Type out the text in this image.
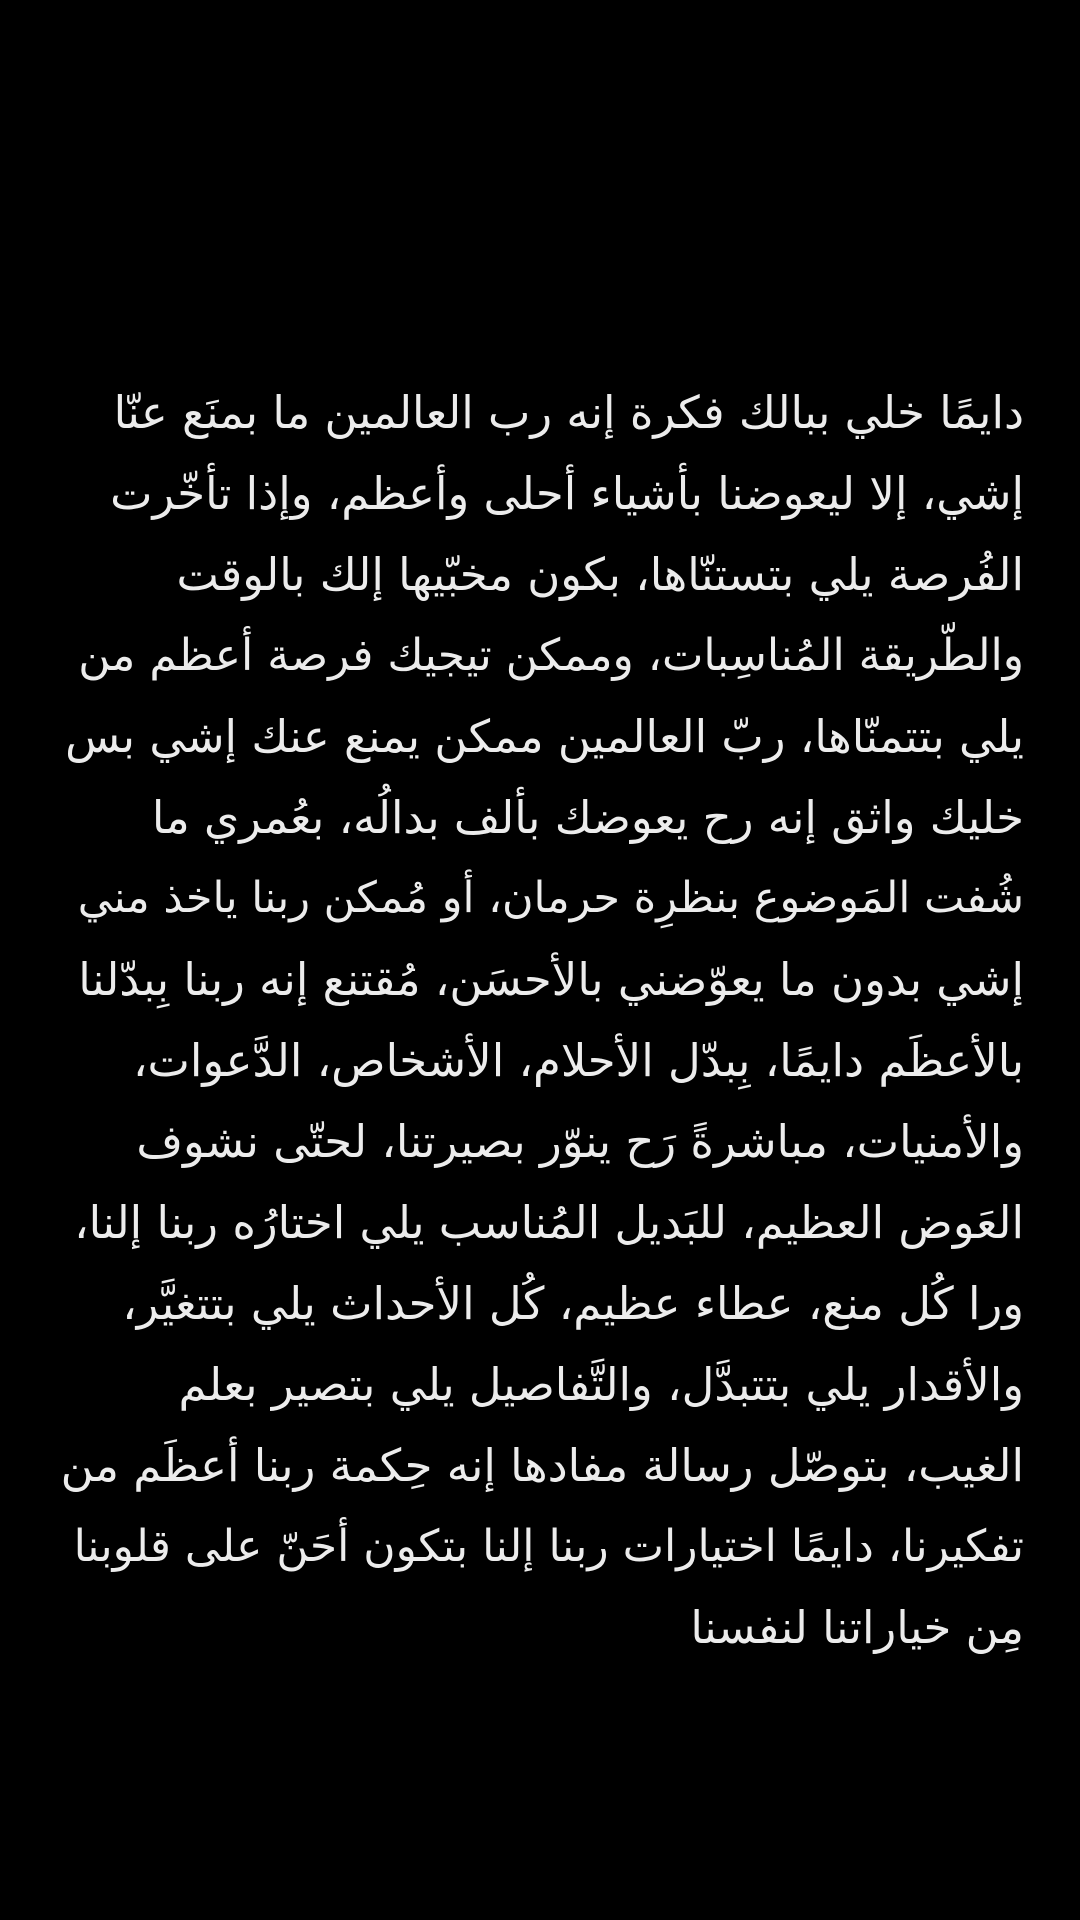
دايمًا خلي ببالك فكرة إنه رب العالمين ما بمنَع عنّا
إشي، إلا ليعوضنا بأشياء أحلى وأعظم، وإذا تأخّرت
الفُرصة يلي بتستنّاها، بكون مخبّيها إلك بالوقت
والطّريقة المُناسِبات، وممكن تيجيك فرصة أعظم من
يلي بتتمنّاها، ربّ العالمين ممكن يمنع عنك إشي بس
خليك واثق إنه رح يعوضك بألف بدالُه، بعُمري ما
شُفت المَوضوع بنظرِة حرمان، أو مُمكن ربنا ياخذ مني
إشي بدون ما يعوّضني بالأحسَن، مُقتنع إنه ربنا بِبدّلنا
بالأعظَم دايمًا، بِبدّل الأحلام، الأشخاص، الدَّعوات،
والأمنيات، مباشرةً رَح ينوّر بصيرتنا، لحتّى نشوف
العَوض العظيم، للبَديل المُناسب يلي اختارُه ربنا إلنا،
ورا كُل منع، عطاء عظيم، كُل الأحداث يلي بتتغيَّر،
والأقدار يلي بتتبدَّل، والتَّفاصيل يلي بتصير بعلم
الغيب، بتوصّل رسالة مفادها إنه حِكمة ربنا أعظَم من
تفكيرنا، دايمًا اختيارات ربنا إلنا بتكون أحَنّ على قلوبنا
مِن خياراتنا لنفسنا
